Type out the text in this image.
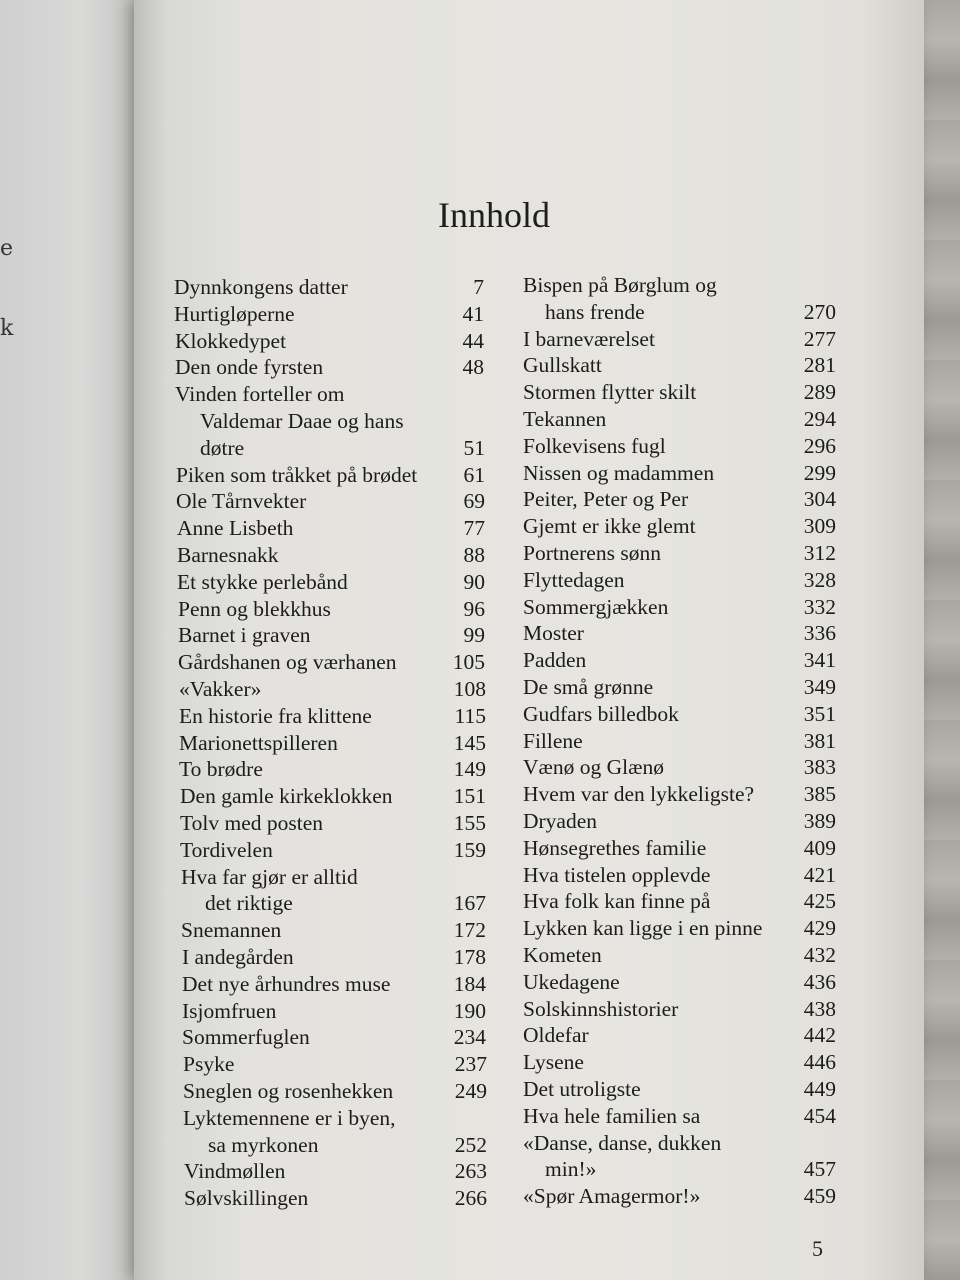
e
k
Innhold
Dynnkongens datter	7
Hurtigløperne	41
Klokkedypet	44
Den onde fyrsten	48
Vinden forteller om
Valdemar Daae og hans
døtre	51
Piken som tråkket på brødet	61
Ole Tårnvekter	69
Anne Lisbeth	77
Barnesnakk	88
Et stykke perlebånd	90
Penn og blekkhus	96
Barnet i graven	99
Gårdshanen og værhanen	105
«Vakker»	108
En historie fra klittene	115
Marionettspilleren	145
To brødre	149
Den gamle kirkeklokken	151
Tolv med posten	155
Tordivelen	159
Hva far gjør er alltid
det riktige	167
Snemannen	172
I andegården	178
Det nye århundres muse	184
Isjomfruen	190
Sommerfuglen	234
Psyke	237
Sneglen og rosenhekken	249
Lyktemennene er i byen,
sa myrkonen	252
Vindmøllen	263
Sølvskillingen	266
Bispen på Børglum og
hans frende	270
I barneværelset	277
Gullskatt	281
Stormen flytter skilt	289
Tekannen	294
Folkevisens fugl	296
Nissen og madammen	299
Peiter, Peter og Per	304
Gjemt er ikke glemt	309
Portnerens sønn	312
Flyttedagen	328
Sommergjækken	332
Moster	336
Padden	341
De små grønne	349
Gudfars billedbok	351
Fillene	381
Vænø og Glænø	383
Hvem var den lykkeligste?	385
Dryaden	389
Hønsegrethes familie	409
Hva tistelen opplevde	421
Hva folk kan finne på	425
Lykken kan ligge i en pinne	429
Kometen	432
Ukedagene	436
Solskinnshistorier	438
Oldefar	442
Lysene	446
Det utroligste	449
Hva hele familien sa	454
«Danse, danse, dukken
min!»	457
«Spør Amagermor!»	459
5
